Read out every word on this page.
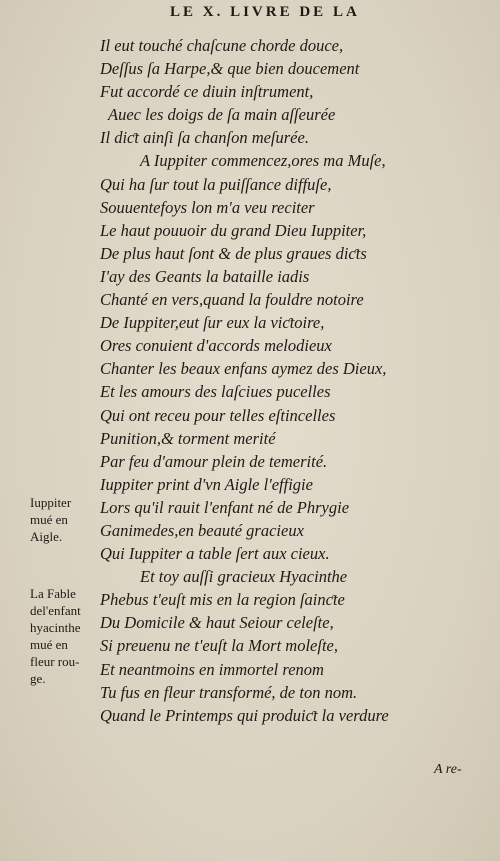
LE X. LIVRE DE LA
Il eut touché chaſcune chorde douce,
Deſſus ſa Harpe,& que bien doucement
Fut accordé ce diuin inſtrument,
Auec les doigs de ſa main aſſeurée
Il diƈt ainſi ſa chanſon meſurée.
A Iuppiter commencez,ores ma Muſe,
Qui ha ſur tout la puiſſance diffuſe,
Souuentefoys lon m'a veu reciter
Le haut pouuoir du grand Dieu Iuppiter,
De plus haut ſont & de plus graues diƈts
I'ay des Geants la bataille iadis
Chanté en vers,quand la fouldre notoire
De Iuppiter,eut ſur eux la viƈtoire,
Ores conuient d'accords melodieux
Chanter les beaux enfans aymez des Dieux,
Et les amours des laſciues pucelles
Qui ont receu pour telles eſtincelles
Punition,& torment merité
Par feu d'amour plein de temerité.
Iuppiter print d'vn Aigle l'effigie
Lors qu'il rauit l'enfant né de Phrygie
Ganimedes,en beauté gracieux
Qui Iuppiter a table ſert aux cieux.
Et toy auſſi gracieux Hyacinthe
Phebus t'euſt mis en la region ſainƈte
Du Domicile & haut Seiour celeſte,
Si preuenu ne t'euſt la Mort moleſte,
Et neantmoins en immortel renom
Tu fus en fleur transformé, de ton nom.
Quand le Printemps qui produiƈt la verdure
Iuppiter
mué en
Aigle.
La Fable
del'enfant
hyacinthe
mué en
fleur rou-
ge.
A re-
